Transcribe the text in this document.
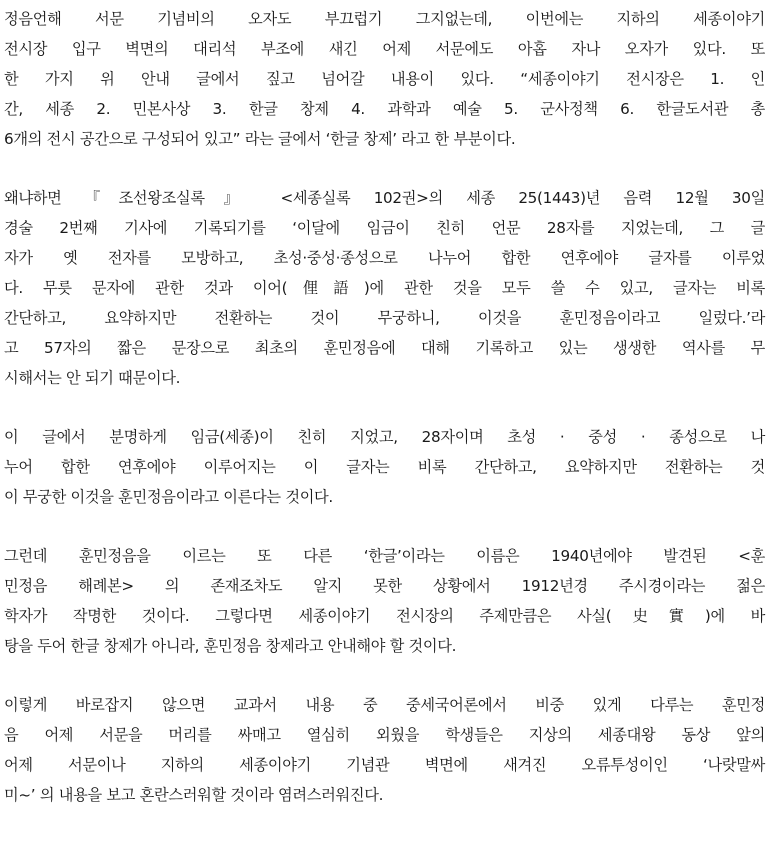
정음언해 서문 기념비의 오자도 부끄럽기 그지없는데, 이번에는 지하의 세종이야기
전시장 입구 벽면의 대리석 부조에 새긴 어제 서문에도 아홉 자나 오자가 있다. 또
한 가지 위 안내 글에서 짚고 넘어갈 내용이 있다. “세종이야기 전시장은 1. 인
간, 세종 2. 민본사상 3. 한글 창제 4. 과학과 예술 5. 군사정책 6. 한글도서관 총
6개의 전시 공간으로 구성되어 있고” 라는 글에서 ‘한글 창제’ 라고 한 부분이다.

왜냐하면 『조선왕조실록』 <세종실록 102권>의 세종 25(1443)년 음력 12월 30일
경술 2번째 기사에 기록되기를 ‘이달에 임금이 친히 언문 28자를 지었는데, 그 글
자가 옛 전자를 모방하고, 초성·중성·종성으로 나누어 합한 연후에야 글자를 이루었
다. 무릇 문자에 관한 것과 이어(俚語)에 관한 것을 모두 쓸 수 있고, 글자는 비록
간단하고, 요약하지만 전환하는 것이 무궁하니, 이것을 훈민정음이라고 일렀다.’라
고 57자의 짧은 문장으로 최초의 훈민정음에 대해 기록하고 있는 생생한 역사를 무
시해서는 안 되기 때문이다.

이 글에서 분명하게 임금(세종)이 친히 지었고, 28자이며 초성 · 중성 · 종성으로 나
누어 합한 연후에야 이루어지는 이 글자는 비록 간단하고, 요약하지만 전환하는 것
이 무궁한 이것을 훈민정음이라고 이른다는 것이다.

그런데 훈민정음을 이르는 또 다른 ‘한글’이라는 이름은 1940년에야 발견된 <훈
민정음 해례본> 의 존재조차도 알지 못한 상황에서 1912년경 주시경이라는 젊은
학자가 작명한 것이다. 그렇다면 세종이야기 전시장의 주제만큼은 사실(史實)에 바
탕을 두어 한글 창제가 아니라, 훈민정음 창제라고 안내해야 할 것이다.

이렇게 바로잡지 않으면 교과서 내용 중 중세국어론에서 비중 있게 다루는 훈민정
음 어제 서문을 머리를 싸매고 열심히 외웠을 학생들은 지상의 세종대왕 동상 앞의
어제 서문이나 지하의 세종이야기 기념관 벽면에 새겨진 오류투성이인 ‘나랏말싸
미~’ 의 내용을 보고 혼란스러워할 것이라 염려스러워진다.
